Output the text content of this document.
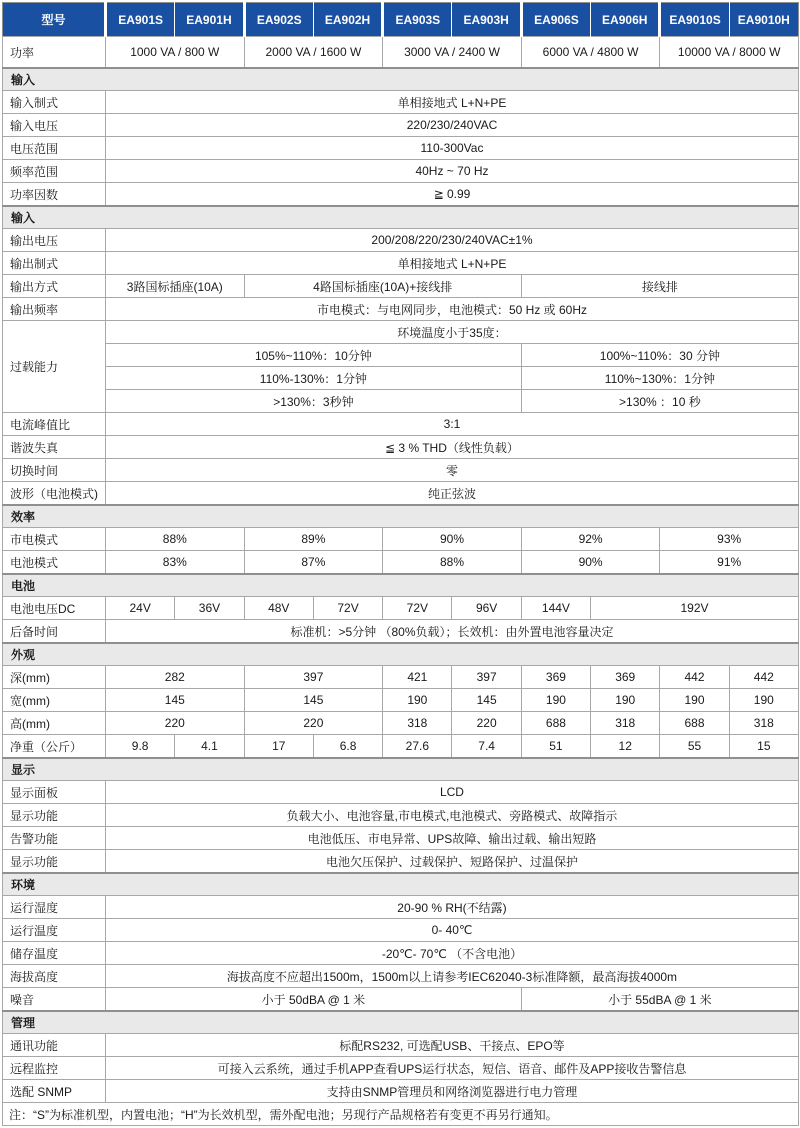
型号	EA901S	EA901H	EA902S	EA902H	EA903S	EA903H	EA906S	EA906H	EA9010S	EA9010H
功率	1000 VA / 800 W		2000 VA / 1600 W		3000 VA / 2400 W		6000 VA / 4800 W		10000 VA / 8000 W	
输入										
输入制式	单相接地式 L+N+PE									
输入电压	220/230/240VAC									
电压范围	110-300Vac									
频率范围	40Hz ~ 70 Hz									
功率因数	≧ 0.99									
输入										
输出电压	200/208/220/230/240VAC±1%									
输出制式	单相接地式 L+N+PE									
输出方式	3路国标插座(10A)		4路国标插座(10A)+接线排				接线排			
输出频率	市电模式：与电网同步，电池模式：50 Hz 或 60Hz									
过载能力	环境温度小于35度：									
	105%~110%：10分钟						100%~110%：30 分钟			
	110%-130%：1分钟						110%~130%：1分钟			
	>130%：3秒钟						>130% ：10 秒			
电流峰值比	3:1									
谐波失真	≦ 3 % THD（线性负载）									
切换时间	零									
波形（电池模式)	纯正弦波									
效率										
市电模式	88%		89%		90%		92%		93%	
电池模式	83%		87%		88%		90%		91%	
电池										
电池电压DC	24V	36V	48V	72V	72V	96V	144V	192V		
后备时间	标准机：>5分钟 （80%负载）；长效机：由外置电池容量决定									
外观										
深(mm)	282		397		421	397	369	369	442	442
宽(mm)	145		145		190	145	190	190	190	190
高(mm)	220		220		318	220	688	318	688	318
净重（公斤）	9.8	4.1	17	6.8	27.6	7.4	51	12	55	15
显示										
显示面板	LCD									
显示功能	负载大小、电池容量,市电模式,电池模式、旁路模式、故障指示									
告警功能	电池低压、市电异常、UPS故障、输出过载、输出短路									
显示功能	电池欠压保护、过载保护、短路保护、过温保护									
环境										
运行湿度	20-90 % RH(不结露)									
运行温度	0- 40℃									
储存温度	-20℃- 70℃ （不含电池）									
海拔高度	海拔高度不应超出1500m，1500m以上请参考IEC62040-3标准降额，最高海拔4000m									
噪音	小于 50dBA @ 1 米						小于 55dBA @ 1 米			
管理										
通讯功能	标配RS232, 可选配USB、干接点、EPO等									
远程监控	可接入云系统，通过手机APP查看UPS运行状态，短信、语音、邮件及APP接收告警信息									
选配 SNMP	支持由SNMP管理员和网络浏览器进行电力管理									
注：“S”为标准机型，内置电池；“H”为长效机型，需外配电池；另现行产品规格若有变更不再另行通知。										
